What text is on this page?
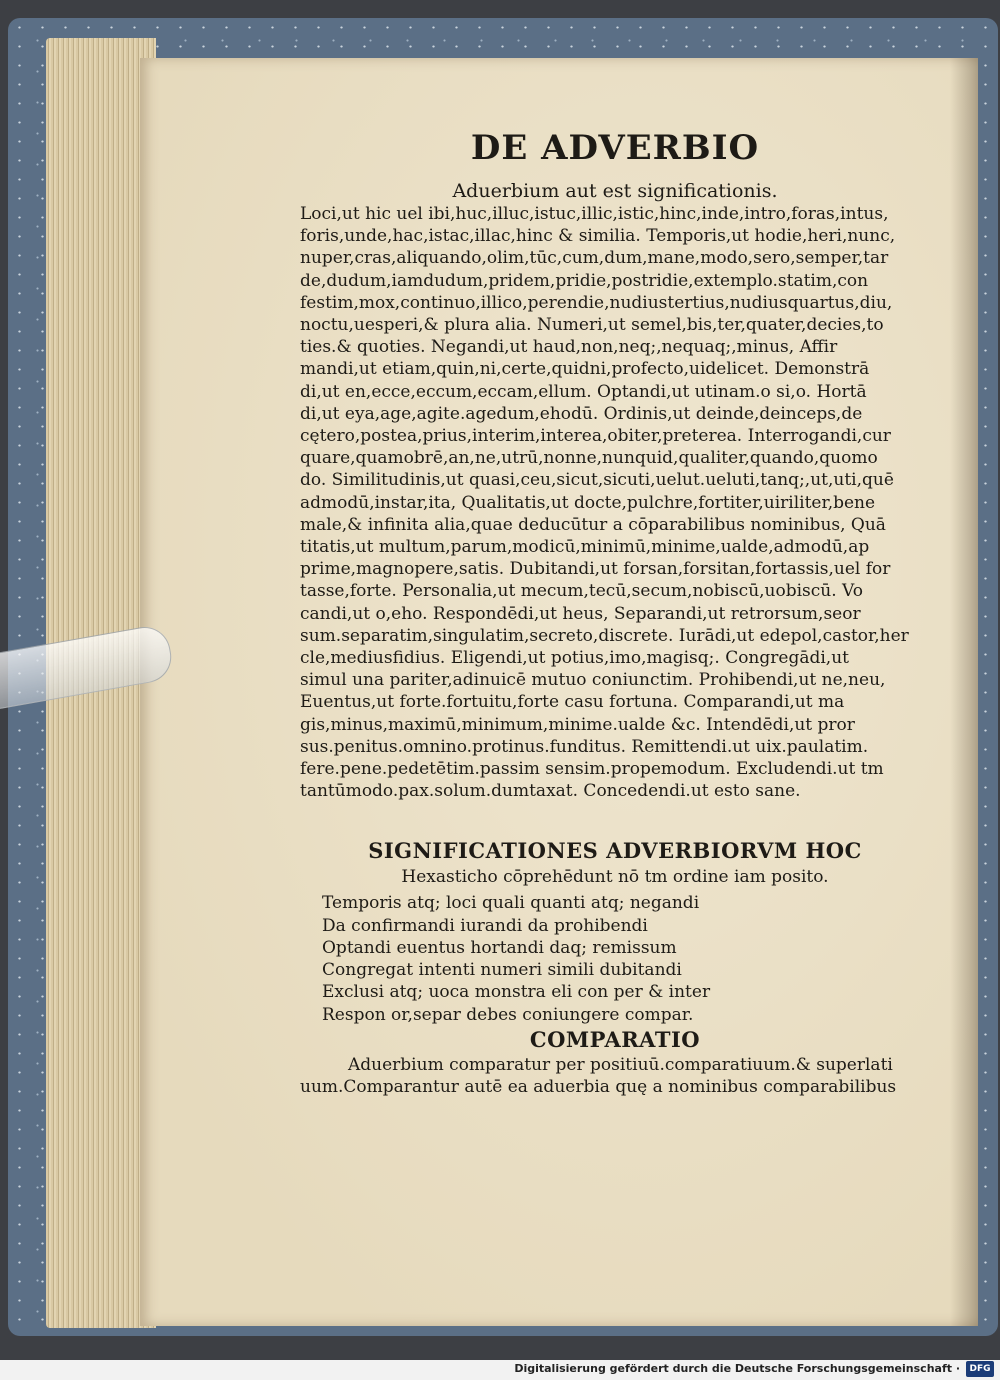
DE ADVERBIO

Aduerbium aut est significationis.

Loci,ut hic uel ibi,huc,illuc,istuc,illic,istic,hinc,inde,intro,foras,intus,

foris,unde,hac,istac,illac,hinc & similia. Temporis,ut hodie,heri,nunc,

nuper,cras,aliquando,olim,tūc,cum,dum,mane,modo,sero,semper,tar

de,dudum,iamdudum,pridem,pridie,postridie,extemplo.statim,con

festim,mox,continuo,illico,perendie,nudiustertius,nudiusquartus,diu,

noctu,uesperi,& plura alia. Numeri,ut semel,bis,ter,quater,decies,to

ties.& quoties. Negandi,ut haud,non,neq;,nequaq;,minus, Affir

mandi,ut etiam,quin,ni,certe,quidni,profecto,uidelicet. Demonstrā

di,ut en,ecce,eccum,eccam,ellum. Optandi,ut utinam.o si,o. Hortā

di,ut eya,age,agite.agedum,ehodū. Ordinis,ut deinde,deinceps,de

cętero,postea,prius,interim,interea,obiter,preterea. Interrogandi,cur

quare,quamobrē,an,ne,utrū,nonne,nunquid,qualiter,quando,quomo

do. Similitudinis,ut quasi,ceu,sicut,sicuti,uelut.ueluti,tanq;,ut,uti,quē

admodū,instar,ita, Qualitatis,ut docte,pulchre,fortiter,uiriliter,bene

male,& infinita alia,quae deducūtur a cōparabilibus nominibus, Quā

titatis,ut multum,parum,modicū,minimū,minime,ualde,admodū,ap

prime,magnopere,satis. Dubitandi,ut forsan,forsitan,fortassis,uel for

tasse,forte. Personalia,ut mecum,tecū,secum,nobiscū,uobiscū. Vo

candi,ut o,eho. Respondēdi,ut heus, Separandi,ut retrorsum,seor

sum.separatim,singulatim,secreto,discrete. Iurādi,ut edepol,castor,her

cle,mediusfidius. Eligendi,ut potius,imo,magisq;. Congregādi,ut

simul una pariter,adinuicē mutuo coniunctim. Prohibendi,ut ne,neu,

Euentus,ut forte.fortuitu,forte casu fortuna. Comparandi,ut ma

gis,minus,maximū,minimum,minime.ualde &c. Intendēdi,ut pror

sus.penitus.omnino.protinus.funditus. Remittendi.ut uix.paulatim.

fere.pene.pedetētim.passim sensim.propemodum. Excludendi.ut tm

tantūmodo.pax.solum.dumtaxat. Concedendi.ut esto sane.

SIGNIFICATIONES ADVERBIORVM HOC

Hexasticho cōprehēdunt nō tm ordine iam posito.

Temporis atq; loci quali quanti atq; negandi

Da confirmandi iurandi da prohibendi

Optandi euentus hortandi daq; remissum

Congregat intenti numeri simili dubitandi

Exclusi atq; uoca monstra eli con per & inter

Respon or,separ debes coniungere compar.

COMPARATIO

Aduerbium comparatur per positiuū.comparatiuum.& superlati

uum.Comparantur autē ea aduerbia quę a nominibus comparabilibus

Digitalisierung gefördert durch die Deutsche Forschungsgemeinschaft ·	DFG
